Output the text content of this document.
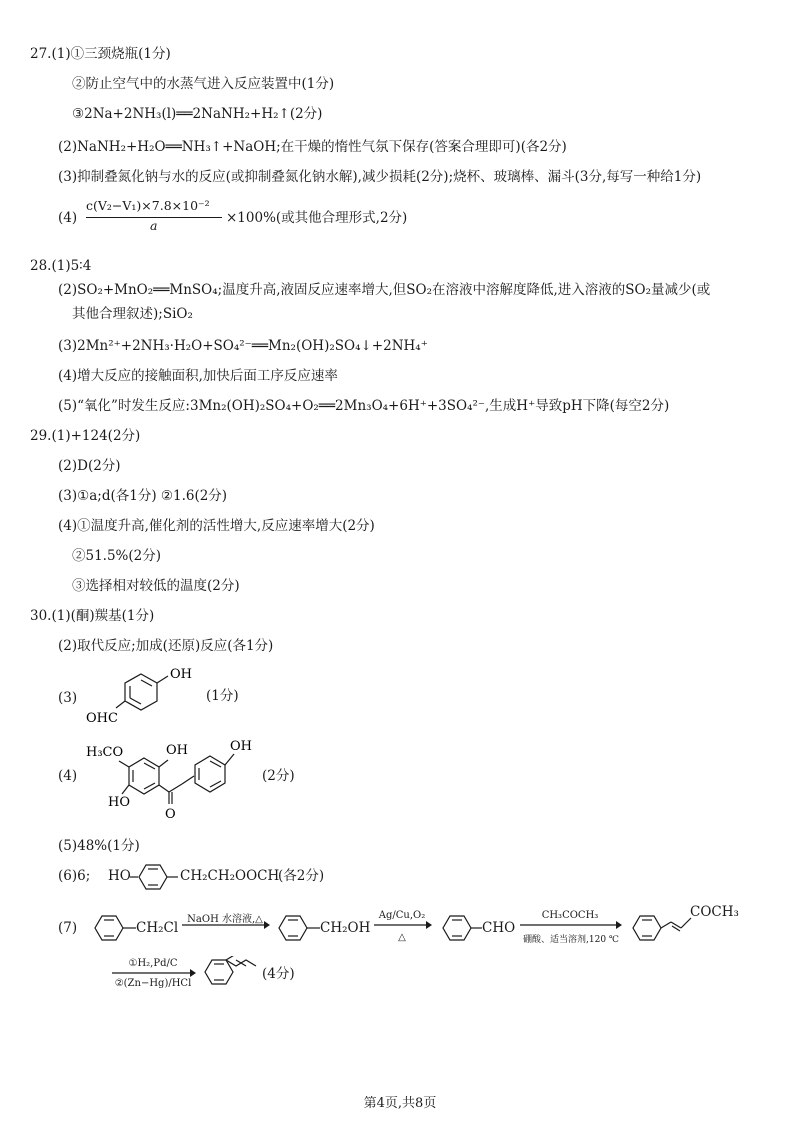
27.(1)①三颈烧瓶(1分)
②防止空气中的水蒸气进入反应装置中(1分)
③2Na+2NH₃(l)══2NaNH₂+H₂↑(2分)
(2)NaNH₂+H₂O══NH₃↑+NaOH;在干燥的惰性气氛下保存(答案合理即可)(各2分)
(3)抑制叠氮化钠与水的反应(或抑制叠氮化钠水解),减少损耗(2分);烧杯、玻璃棒、漏斗(3分,每写一种给1分)
(4)
c(V₂−V₁)×7.8×10⁻²
a	×100%(或其他合理形式,2分)
28.(1)5∶4
(2)SO₂+MnO₂══MnSO₄;温度升高,液固反应速率增大,但SO₂在溶液中溶解度降低,进入溶液的SO₂量减少(或
其他合理叙述);SiO₂
(3)2Mn²⁺+2NH₃·H₂O+SO₄²⁻══Mn₂(OH)₂SO₄↓+2NH₄⁺
(4)增大反应的接触面积,加快后面工序反应速率
(5)“氧化”时发生反应:3Mn₂(OH)₂SO₄+O₂══2Mn₃O₄+6H⁺+3SO₄²⁻,生成H⁺导致pH下降(每空2分)
29.(1)+124(2分)
(2)D(2分)
(3)①a;d(各1分) ②1.6(2分)
(4)①温度升高,催化剂的活性增大,反应速率增大(2分)
②51.5%(2分)
③选择相对较低的温度(2分)
30.(1)(酮)羰基(1分)
(2)取代反应;加成(还原)反应(各1分)
(3)
OH
OHC
(1分)
(4)
H₃CO	OH	OH
HO
O
(2分)
(5)48%(1分)
(6)6; HO	CH₂CH₂OOCH
(各2分)
(7)	CH₂Cl
NaOH 水溶液,△
CH₂OH
Ag/Cu,O₂
△
CHO
CH₃COCH₃
硼酸、适当溶剂,120 ℃
COCH₃
①H₂,Pd/C
②(Zn−Hg)/HCl
(4分)
第4页,共8页
